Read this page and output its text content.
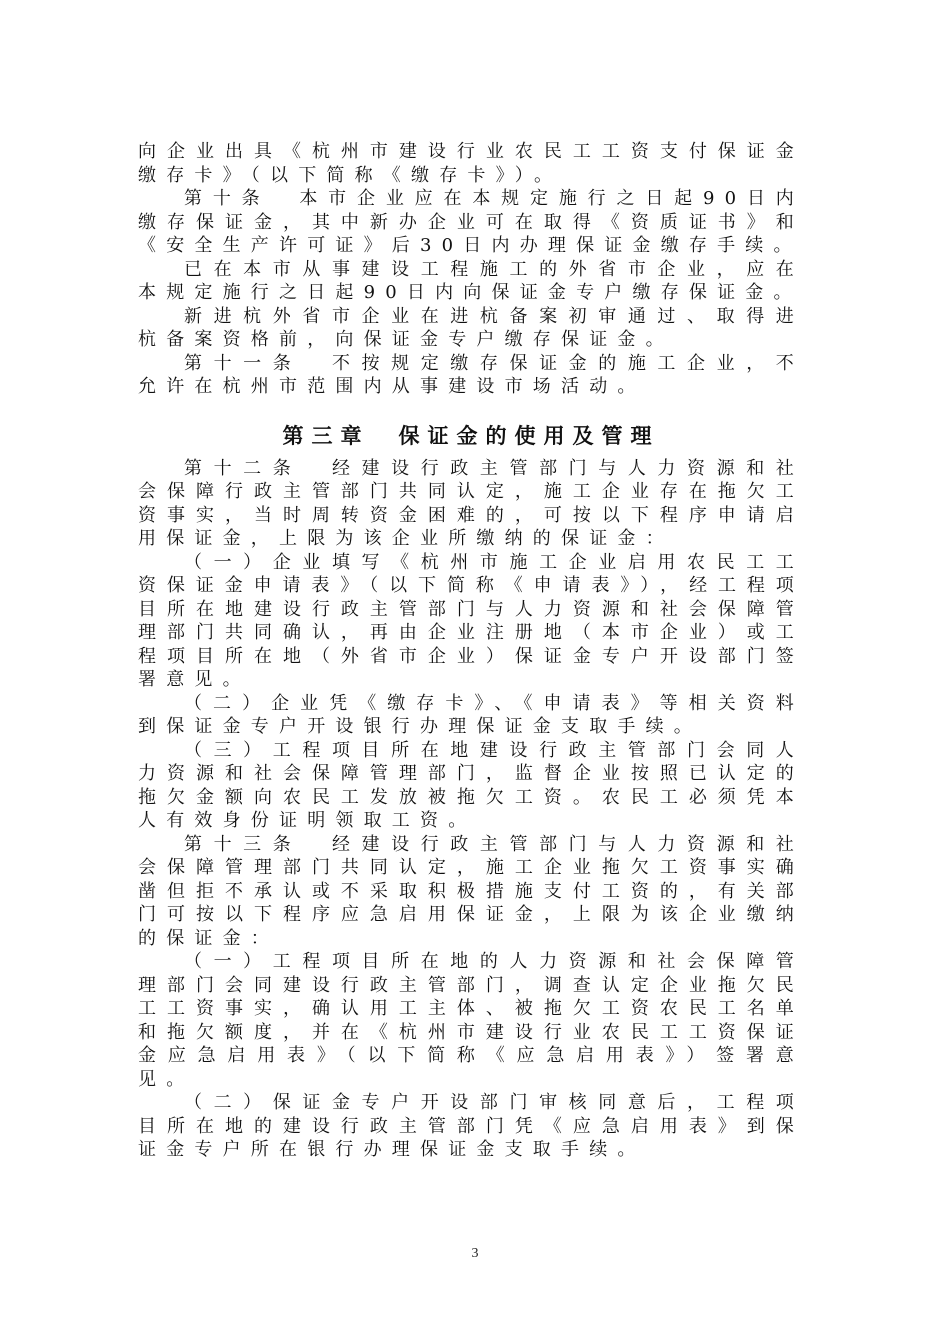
向企业出具《杭州市建设行业农民工工资支付保证金缴存卡》（以下简称《缴存卡》）。

第十条　本市企业应在本规定施行之日起90日内缴存保证金，其中新办企业可在取得《资质证书》和《安全生产许可证》后30日内办理保证金缴存手续。

已在本市从事建设工程施工的外省市企业，应在本规定施行之日起90日内向保证金专户缴存保证金。

新进杭外省市企业在进杭备案初审通过、取得进杭备案资格前，向保证金专户缴存保证金。

第十一条　不按规定缴存保证金的施工企业，不允许在杭州市范围内从事建设市场活动。

第三章　保证金的使用及管理

第十二条　经建设行政主管部门与人力资源和社会保障行政主管部门共同认定，施工企业存在拖欠工资事实，当时周转资金困难的，可按以下程序申请启用保证金，上限为该企业所缴纳的保证金：

（一）企业填写《杭州市施工企业启用农民工工资保证金申请表》（以下简称《申请表》），经工程项目所在地建设行政主管部门与人力资源和社会保障管理部门共同确认，再由企业注册地（本市企业）或工程项目所在地（外省市企业）保证金专户开设部门签署意见。

（二）企业凭《缴存卡》、《申请表》等相关资料到保证金专户开设银行办理保证金支取手续。

（三）工程项目所在地建设行政主管部门会同人力资源和社会保障管理部门，监督企业按照已认定的拖欠金额向农民工发放被拖欠工资。农民工必须凭本人有效身份证明领取工资。

第十三条　经建设行政主管部门与人力资源和社会保障管理部门共同认定，施工企业拖欠工资事实确凿但拒不承认或不采取积极措施支付工资的，有关部门可按以下程序应急启用保证金，上限为该企业缴纳的保证金：

（一）工程项目所在地的人力资源和社会保障管理部门会同建设行政主管部门，调查认定企业拖欠民工工资事实，确认用工主体、被拖欠工资农民工名单和拖欠额度，并在《杭州市建设行业农民工工资保证金应急启用表》（以下简称《应急启用表》）签署意见。

（二）保证金专户开设部门审核同意后，工程项目所在地的建设行政主管部门凭《应急启用表》到保证金专户所在银行办理保证金支取手续。

3
